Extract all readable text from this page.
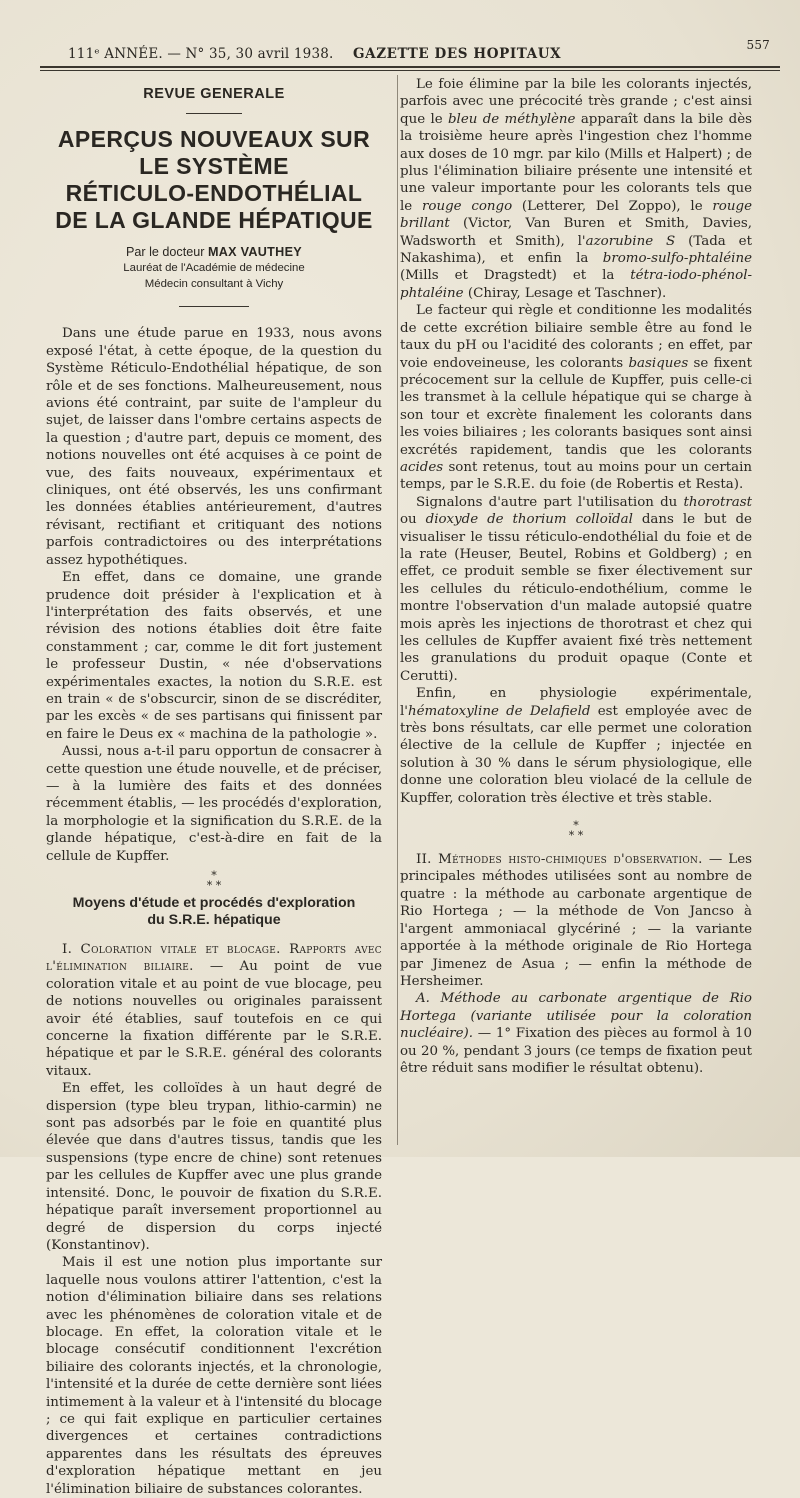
111ᵉ ANNÉE. — N° 35, 30 avril 1938. GAZETTE DES HOPITAUX
557
REVUE GENERALE
APERÇUS NOUVEAUX SUR LE SYSTÈME
RÉTICULO-ENDOTHÉLIAL
DE LA GLANDE HÉPATIQUE
Par le docteur MAX VAUTHEY
Lauréat de l'Académie de médecine
Médecin consultant à Vichy

Dans une étude parue en 1933, nous avons exposé l'état, à cette époque, de la question du Système Réticulo-Endothélial hépatique, de son rôle et de ses fonctions. Malheureusement, nous avions été contraint, par suite de l'ampleur du sujet, de laisser dans l'ombre certains aspects de la question ; d'autre part, depuis ce moment, des notions nouvelles ont été acquises à ce point de vue, des faits nouveaux, expérimentaux et cliniques, ont été observés, les uns confirmant les données établies antérieurement, d'autres révisant, rectifiant et critiquant des notions parfois contradictoires ou des interprétations assez hypothétiques.

En effet, dans ce domaine, une grande prudence doit présider à l'explication et à l'interprétation des faits observés, et une révision des notions établies doit être faite constamment ; car, comme le dit fort justement le professeur Dustin, « née d'observations expérimentales exactes, la notion du S.R.E. est en train « de s'obscurcir, sinon de se discréditer, par les excès « de ses partisans qui finissent par en faire le Deus ex « machina de la pathologie ».

Aussi, nous a-t-il paru opportun de consacrer à cette question une étude nouvelle, et de préciser, — à la lumière des faits et des données récemment établis, — les procédés d'exploration, la morphologie et la signification du S.R.E. de la glande hépatique, c'est-à-dire en fait de la cellule de Kupffer.

*
* *
Moyens d'étude et procédés d'exploration
du S.R.E. hépatique

I. Coloration vitale et blocage. Rapports avec l'élimination biliaire. — Au point de vue coloration vitale et au point de vue blocage, peu de notions nouvelles ou originales paraissent avoir été établies, sauf toutefois en ce qui concerne la fixation différente par le S.R.E. hépatique et par le S.R.E. général des colorants vitaux.

En effet, les colloïdes à un haut degré de dispersion (type bleu trypan, lithio-carmin) ne sont pas adsorbés par le foie en quantité plus élevée que dans d'autres tissus, tandis que les suspensions (type encre de chine) sont retenues par les cellules de Kupffer avec une plus grande intensité. Donc, le pouvoir de fixation du S.R.E. hépatique paraît inversement proportionnel au degré de dispersion du corps injecté (Konstantinov).

Mais il est une notion plus importante sur laquelle nous voulons attirer l'attention, c'est la notion d'élimination biliaire dans ses relations avec les phénomènes de coloration vitale et de blocage. En effet, la coloration vitale et le blocage consécutif conditionnent l'excrétion biliaire des colorants injectés, et la chronologie, l'intensité et la durée de cette dernière sont liées intimement à la valeur et à l'intensité du blocage ; ce qui fait explique en particulier certaines divergences et certaines contradictions apparentes dans les résultats des épreuves d'exploration hépatique mettant en jeu l'élimination biliaire de substances colorantes.

Le foie élimine par la bile les colorants injectés, parfois avec une précocité très grande ; c'est ainsi que le bleu de méthylène apparaît dans la bile dès la troisième heure après l'ingestion chez l'homme aux doses de 10 mgr. par kilo (Mills et Halpert) ; de plus l'élimination biliaire présente une intensité et une valeur importante pour les colorants tels que le rouge congo (Letterer, Del Zoppo), le rouge brillant (Victor, Van Buren et Smith, Davies, Wadsworth et Smith), l'azorubine S (Tada et Nakashima), et enfin la bromo-sulfo-phtaléine (Mills et Dragstedt) et la tétra-iodo-phénol-phtaléine (Chiray, Lesage et Taschner).

Le facteur qui règle et conditionne les modalités de cette excrétion biliaire semble être au fond le taux du pH ou l'acidité des colorants ; en effet, par voie endoveineuse, les colorants basiques se fixent précocement sur la cellule de Kupffer, puis celle-ci les transmet à la cellule hépatique qui se charge à son tour et excrète finalement les colorants dans les voies biliaires ; les colorants basiques sont ainsi excrétés rapidement, tandis que les colorants acides sont retenus, tout au moins pour un certain temps, par le S.R.E. du foie (de Robertis et Resta).

Signalons d'autre part l'utilisation du thorotrast ou dioxyde de thorium colloïdal dans le but de visualiser le tissu réticulo-endothélial du foie et de la rate (Heuser, Beutel, Robins et Goldberg) ; en effet, ce produit semble se fixer électivement sur les cellules du réticulo-endothélium, comme le montre l'observation d'un malade autopsié quatre mois après les injections de thorotrast et chez qui les cellules de Kupffer avaient fixé très nettement les granulations du produit opaque (Conte et Cerutti).

Enfin, en physiologie expérimentale, l'hématoxyline de Delafield est employée avec de très bons résultats, car elle permet une coloration élective de la cellule de Kupffer ; injectée en solution à 30 % dans le sérum physiologique, elle donne une coloration bleu violacé de la cellule de Kupffer, coloration très élective et très stable.

*
* *

II. Méthodes histo-chimiques d'observation. — Les principales méthodes utilisées sont au nombre de quatre : la méthode au carbonate argentique de Rio Hortega ; — la méthode de Von Jancso à l'argent ammoniacal glycériné ; — la variante apportée à la méthode originale de Rio Hortega par Jimenez de Asua ; — enfin la méthode de Hersheimer.

A. Méthode au carbonate argentique de Rio Hortega (variante utilisée pour la coloration nucléaire). — 1° Fixation des pièces au formol à 10 ou 20 %, pendant 3 jours (ce temps de fixation peut être réduit sans modifier le résultat obtenu).
